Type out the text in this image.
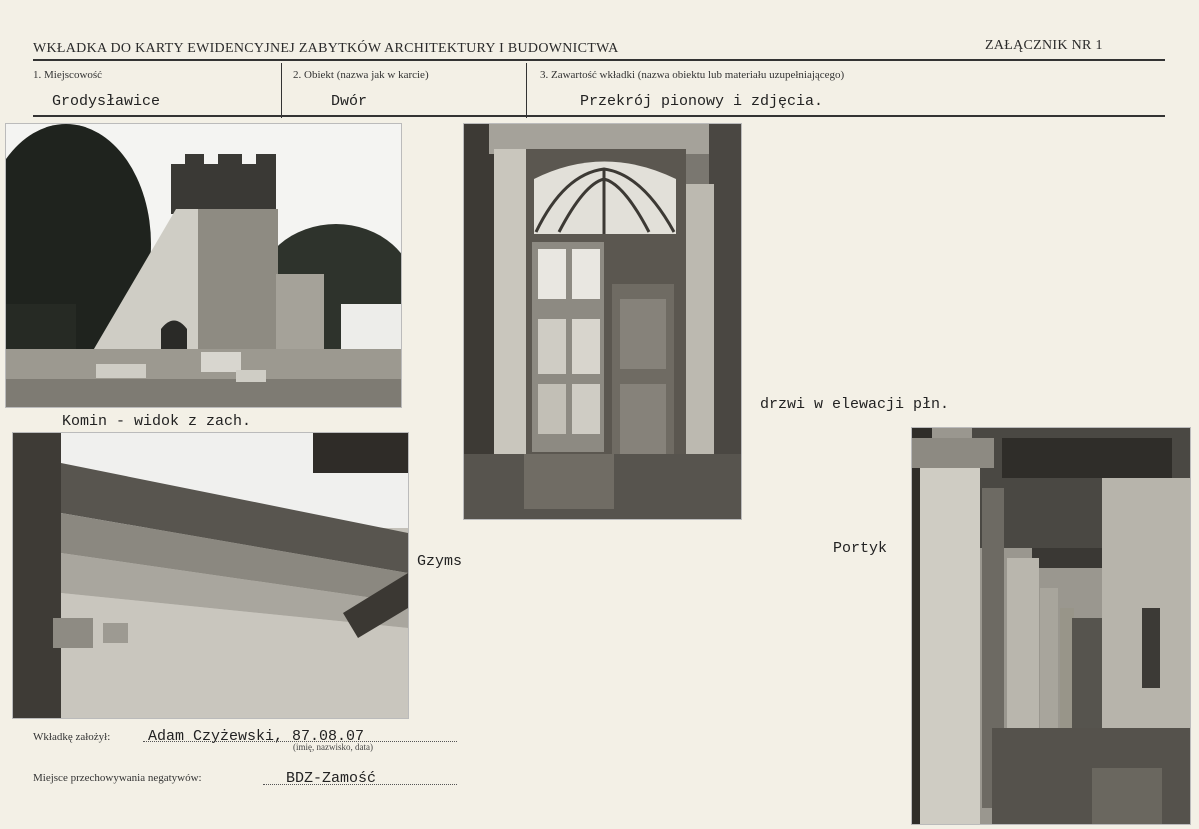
WKŁADKA DO KARTY EWIDENCYJNEJ ZABYTKÓW ARCHITEKTURY I BUDOWNICTWA	ZAŁĄCZNIK NR 1
1. Miejscowość
Grodysławice
2. Obiekt (nazwa jak w karcie)
Dwór
3. Zawartość wkładki (nazwa obiektu lub materiału uzupełniającego)
Przekrój pionowy i zdjęcia.
Komin - widok z zach.
drzwi w elewacji płn.
Gzyms
Portyk
Wkładkę założył:	Adam Czyżewski, 87.08.07
(imię, nazwisko, data)
Miejsce przechowywania negatywów:	BDZ-Zamość
